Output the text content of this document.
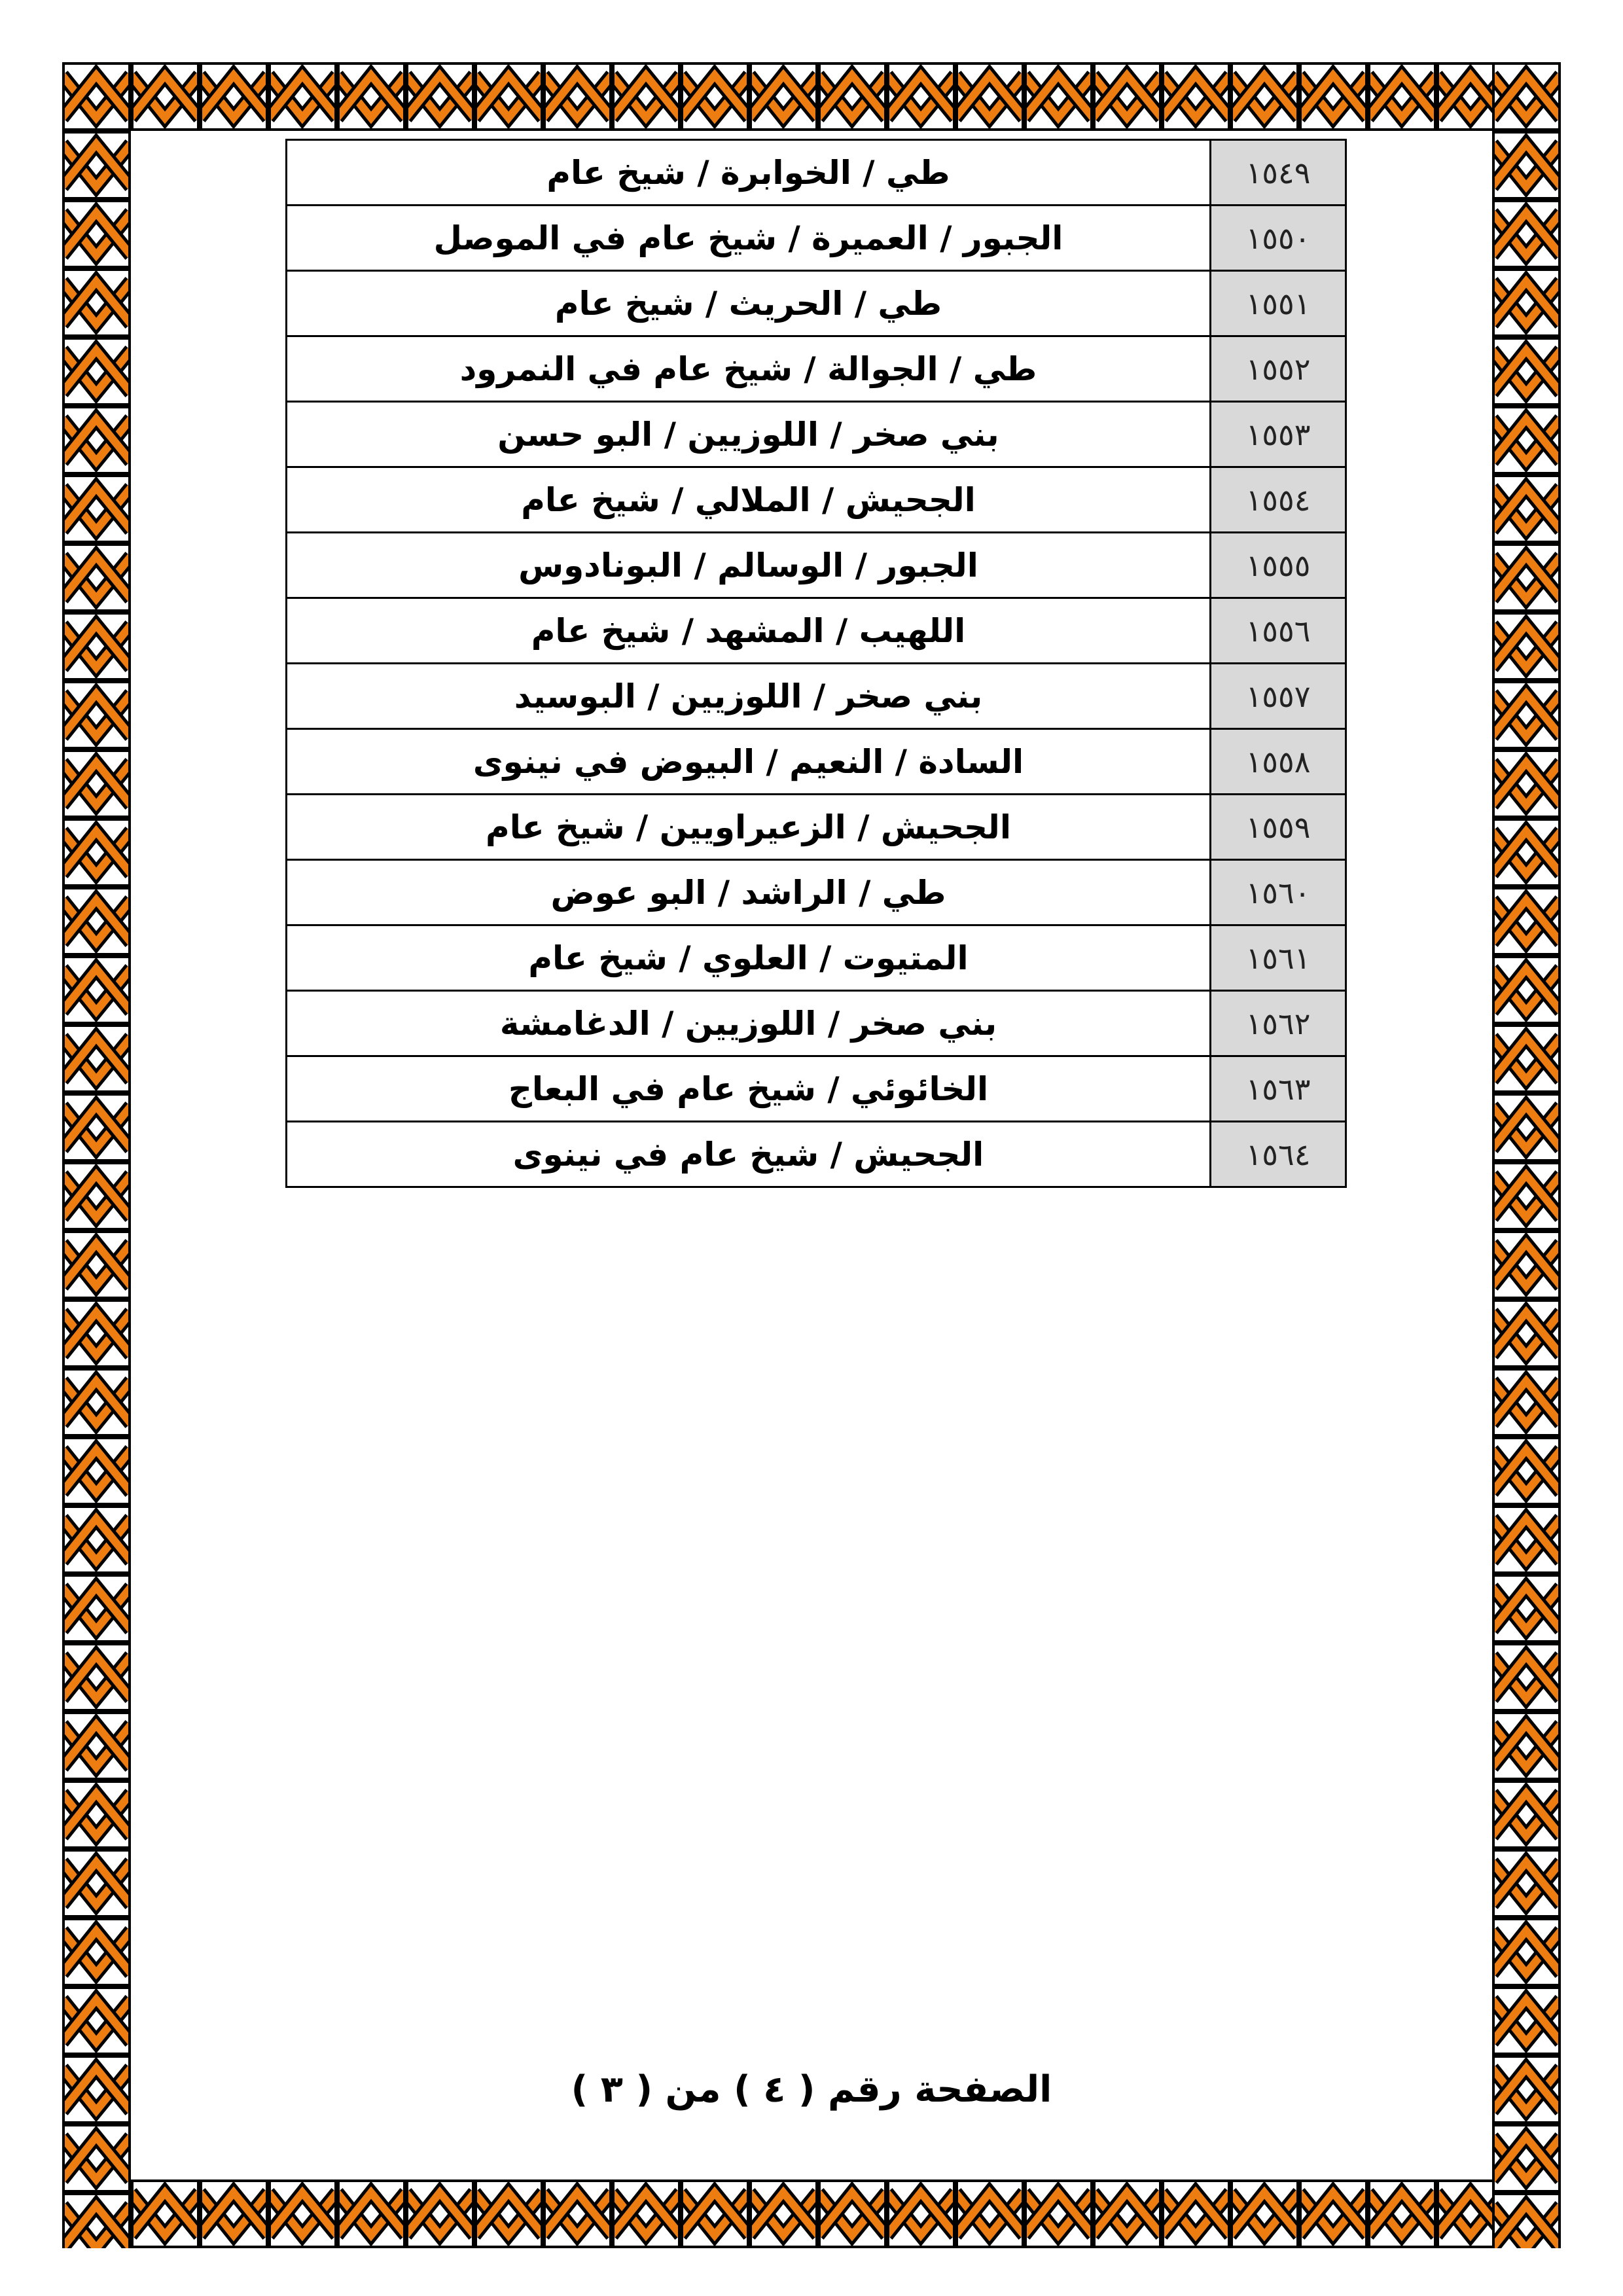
١٥٤٩	طي / الخوابرة / شيخ عام
١٥٥٠	الجبور / العميرة / شيخ عام في الموصل
١٥٥١	طي / الحريث / شيخ عام
١٥٥٢	طي / الجوالة / شيخ عام في النمرود
١٥٥٣	بني صخر / اللوزيين / البو حسن
١٥٥٤	الجحيش / الملالي / شيخ عام
١٥٥٥	الجبور / الوسالم / البونادوس
١٥٥٦	اللهيب / المشهد / شيخ عام
١٥٥٧	بني صخر / اللوزيين / البوسيد
١٥٥٨	السادة / النعيم / البيوض في نينوى
١٥٥٩	الجحيش / الزعيراويين / شيخ عام
١٥٦٠	طي / الراشد / البو عوض
١٥٦١	المتيوت / العلوي / شيخ عام
١٥٦٢	بني صخر / اللوزيين / الدغامشة
١٥٦٣	الخائوئي / شيخ عام في البعاج
١٥٦٤	الجحيش / شيخ عام في نينوى
الصفحة رقم ( ٤ ) من ( ٣ )
